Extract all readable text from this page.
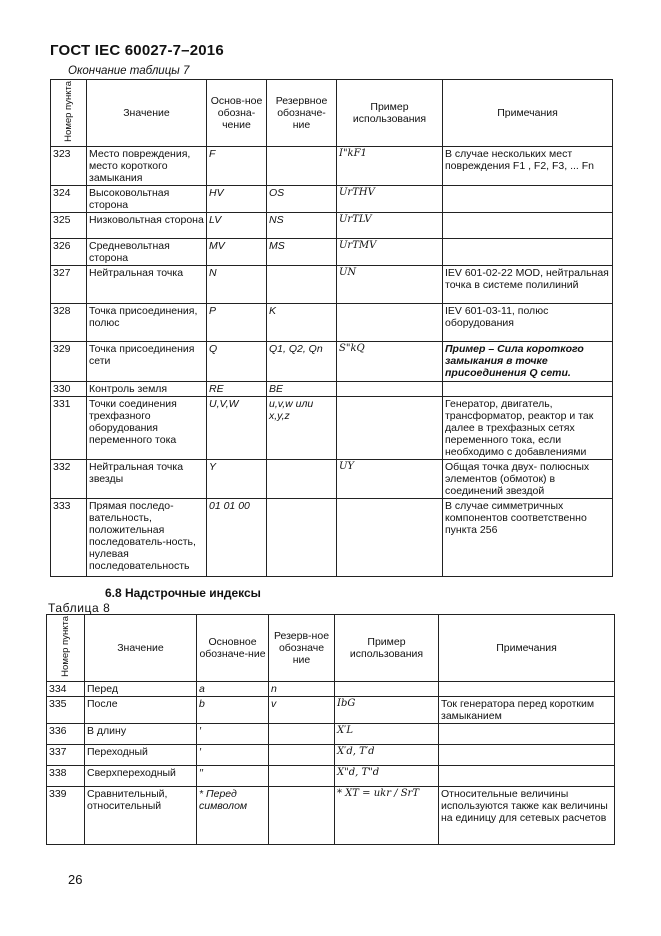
ГОСТ IEC 60027-7–2016
Окончание таблицы 7
Номер пункта	Значение	Основ-ное обозна-чение	Резервное обозначе-ние	Пример использования	Примечания
323	Место повреждения, место короткого замыкания	F		I"kF1	В случае нескольких мест повреждения F1 , F2, F3, ... Fn
324	Высоковольтная сторона	HV	OS	UrTHV	
325	Низковольтная сторона	LV	NS	UrTLV	
326	Средневольтная сторона	MV	MS	UrTMV	
327	Нейтральная точка	N		UN	IEV 601-02-22 MOD, нейтральная точка в системе полилиний
328	Точка присоединения, полюс	P	K		IEV 601-03-11, полюс оборудования
329	Точка присоединения сети	Q	Q1, Q2, Qn	S"kQ	Пример – Сила короткого замыкания в точке присоединения Q сети.
330	Контроль земля	RE	BE		
331	Точки соединения трехфазного оборудования переменного тока	U,V,W	u,v,w или x,y,z		Генератор, двигатель, трансформатор, реактор и так далее в трехфазных сетях переменного тока, если необходимо с добавлениями
332	Нейтральная точка звезды	Y		UY	Общая точка двух- полюсных элементов (обмоток) в соединений звездой
333	Прямая последо-вательность, положительная последователь-ность, нулевая последовательность	01 01 00			В случае симметричных компонентов соответственно пункта 256
6.8 Надстрочные индексы
Таблица 8
Номер пункта	Значение	Основное обозначе-ние	Резерв-ное обозначе ние	Пример использования	Примечания
334	Перед	a	n		
335	После	b	v	IbG	Ток генератора перед коротким замыканием
336	В длину	′		X′L	
337	Переходный	′		X′d, T′d	
338	Сверхпереходный	′′		X"d, T"d	
339	Сравнительный, относительный	* Перед символом		* XT = ukr / SrT	Относительные величины используются также как величины на единицу для сетевых расчетов
26
